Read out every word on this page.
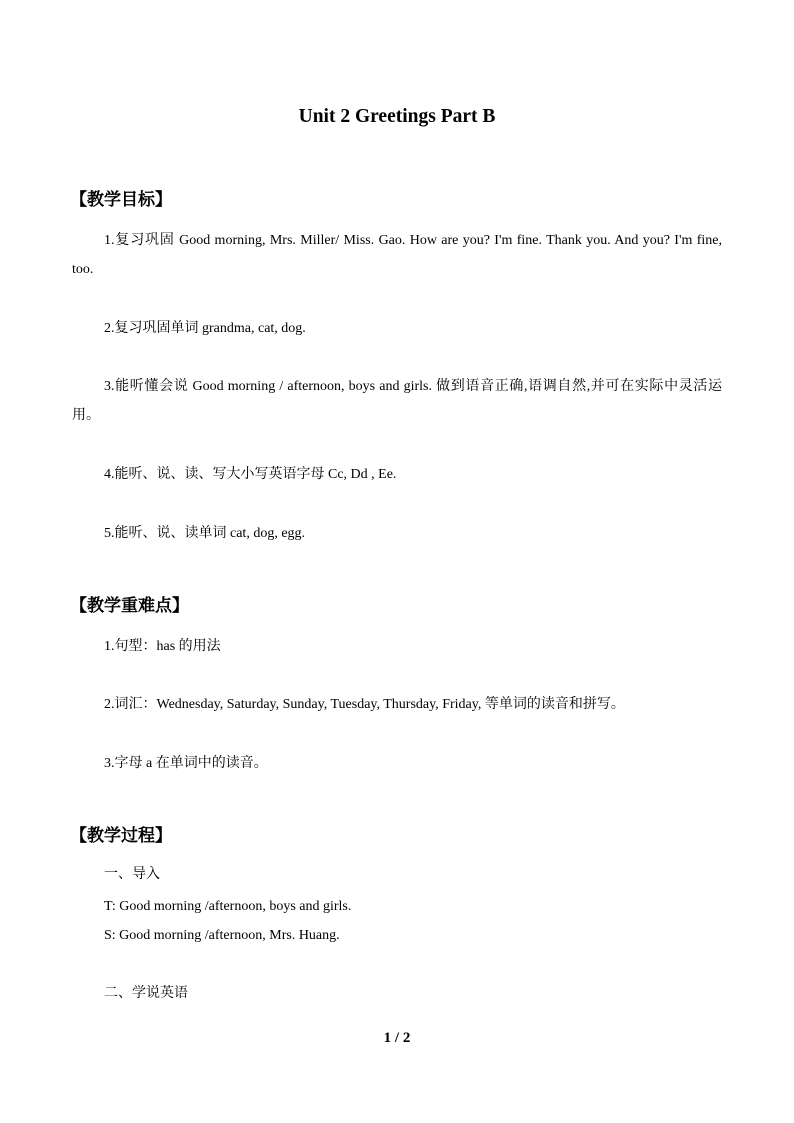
Unit 2 Greetings Part B
【教学目标】

1.复习巩固 Good morning, Mrs. Miller/ Miss. Gao. How are you? I'm fine. Thank you. And you? I'm fine, too.

2.复习巩固单词 grandma, cat, dog.

3.能听懂会说 Good morning / afternoon, boys and girls. 做到语音正确,语调自然,并可在实际中灵活运用。

4.能听、说、读、写大小写英语字母 Cc, Dd , Ee.

5.能听、说、读单词 cat, dog, egg.

【教学重难点】

1.句型：has 的用法

2.词汇：Wednesday, Saturday, Sunday, Tuesday, Thursday, Friday, 等单词的读音和拼写。

3.字母 a 在单词中的读音。

【教学过程】

一、导入

T: Good morning /afternoon, boys and girls.

S: Good morning /afternoon, Mrs. Huang.

二、学说英语

1 / 2
